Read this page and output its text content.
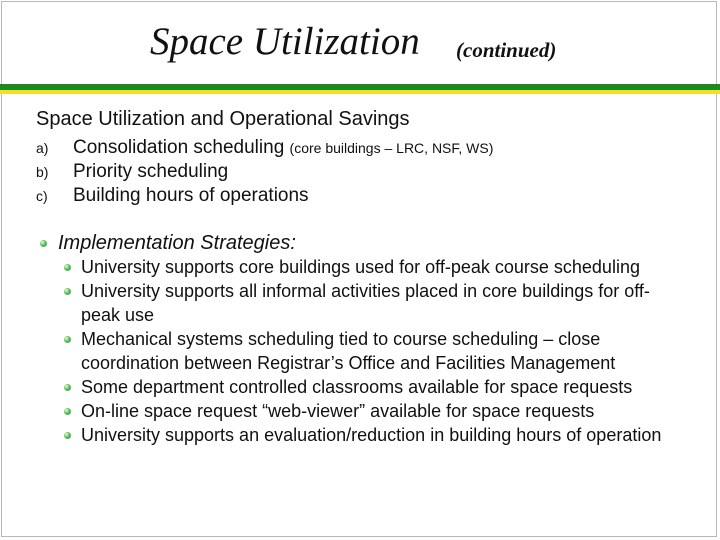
Space Utilization (continued)
Space Utilization and Operational Savings
a) Consolidation scheduling (core buildings – LRC, NSF, WS)
b) Priority scheduling
c) Building hours of operations
Implementation Strategies:
University supports core buildings used for off-peak course scheduling
University supports all informal activities placed in core buildings for off-peak use
Mechanical systems scheduling tied to course scheduling – close coordination between Registrar’s Office and Facilities Management
Some department controlled classrooms available for space requests
On-line space request “web-viewer” available for space requests
University supports an evaluation/reduction in building hours of operation
